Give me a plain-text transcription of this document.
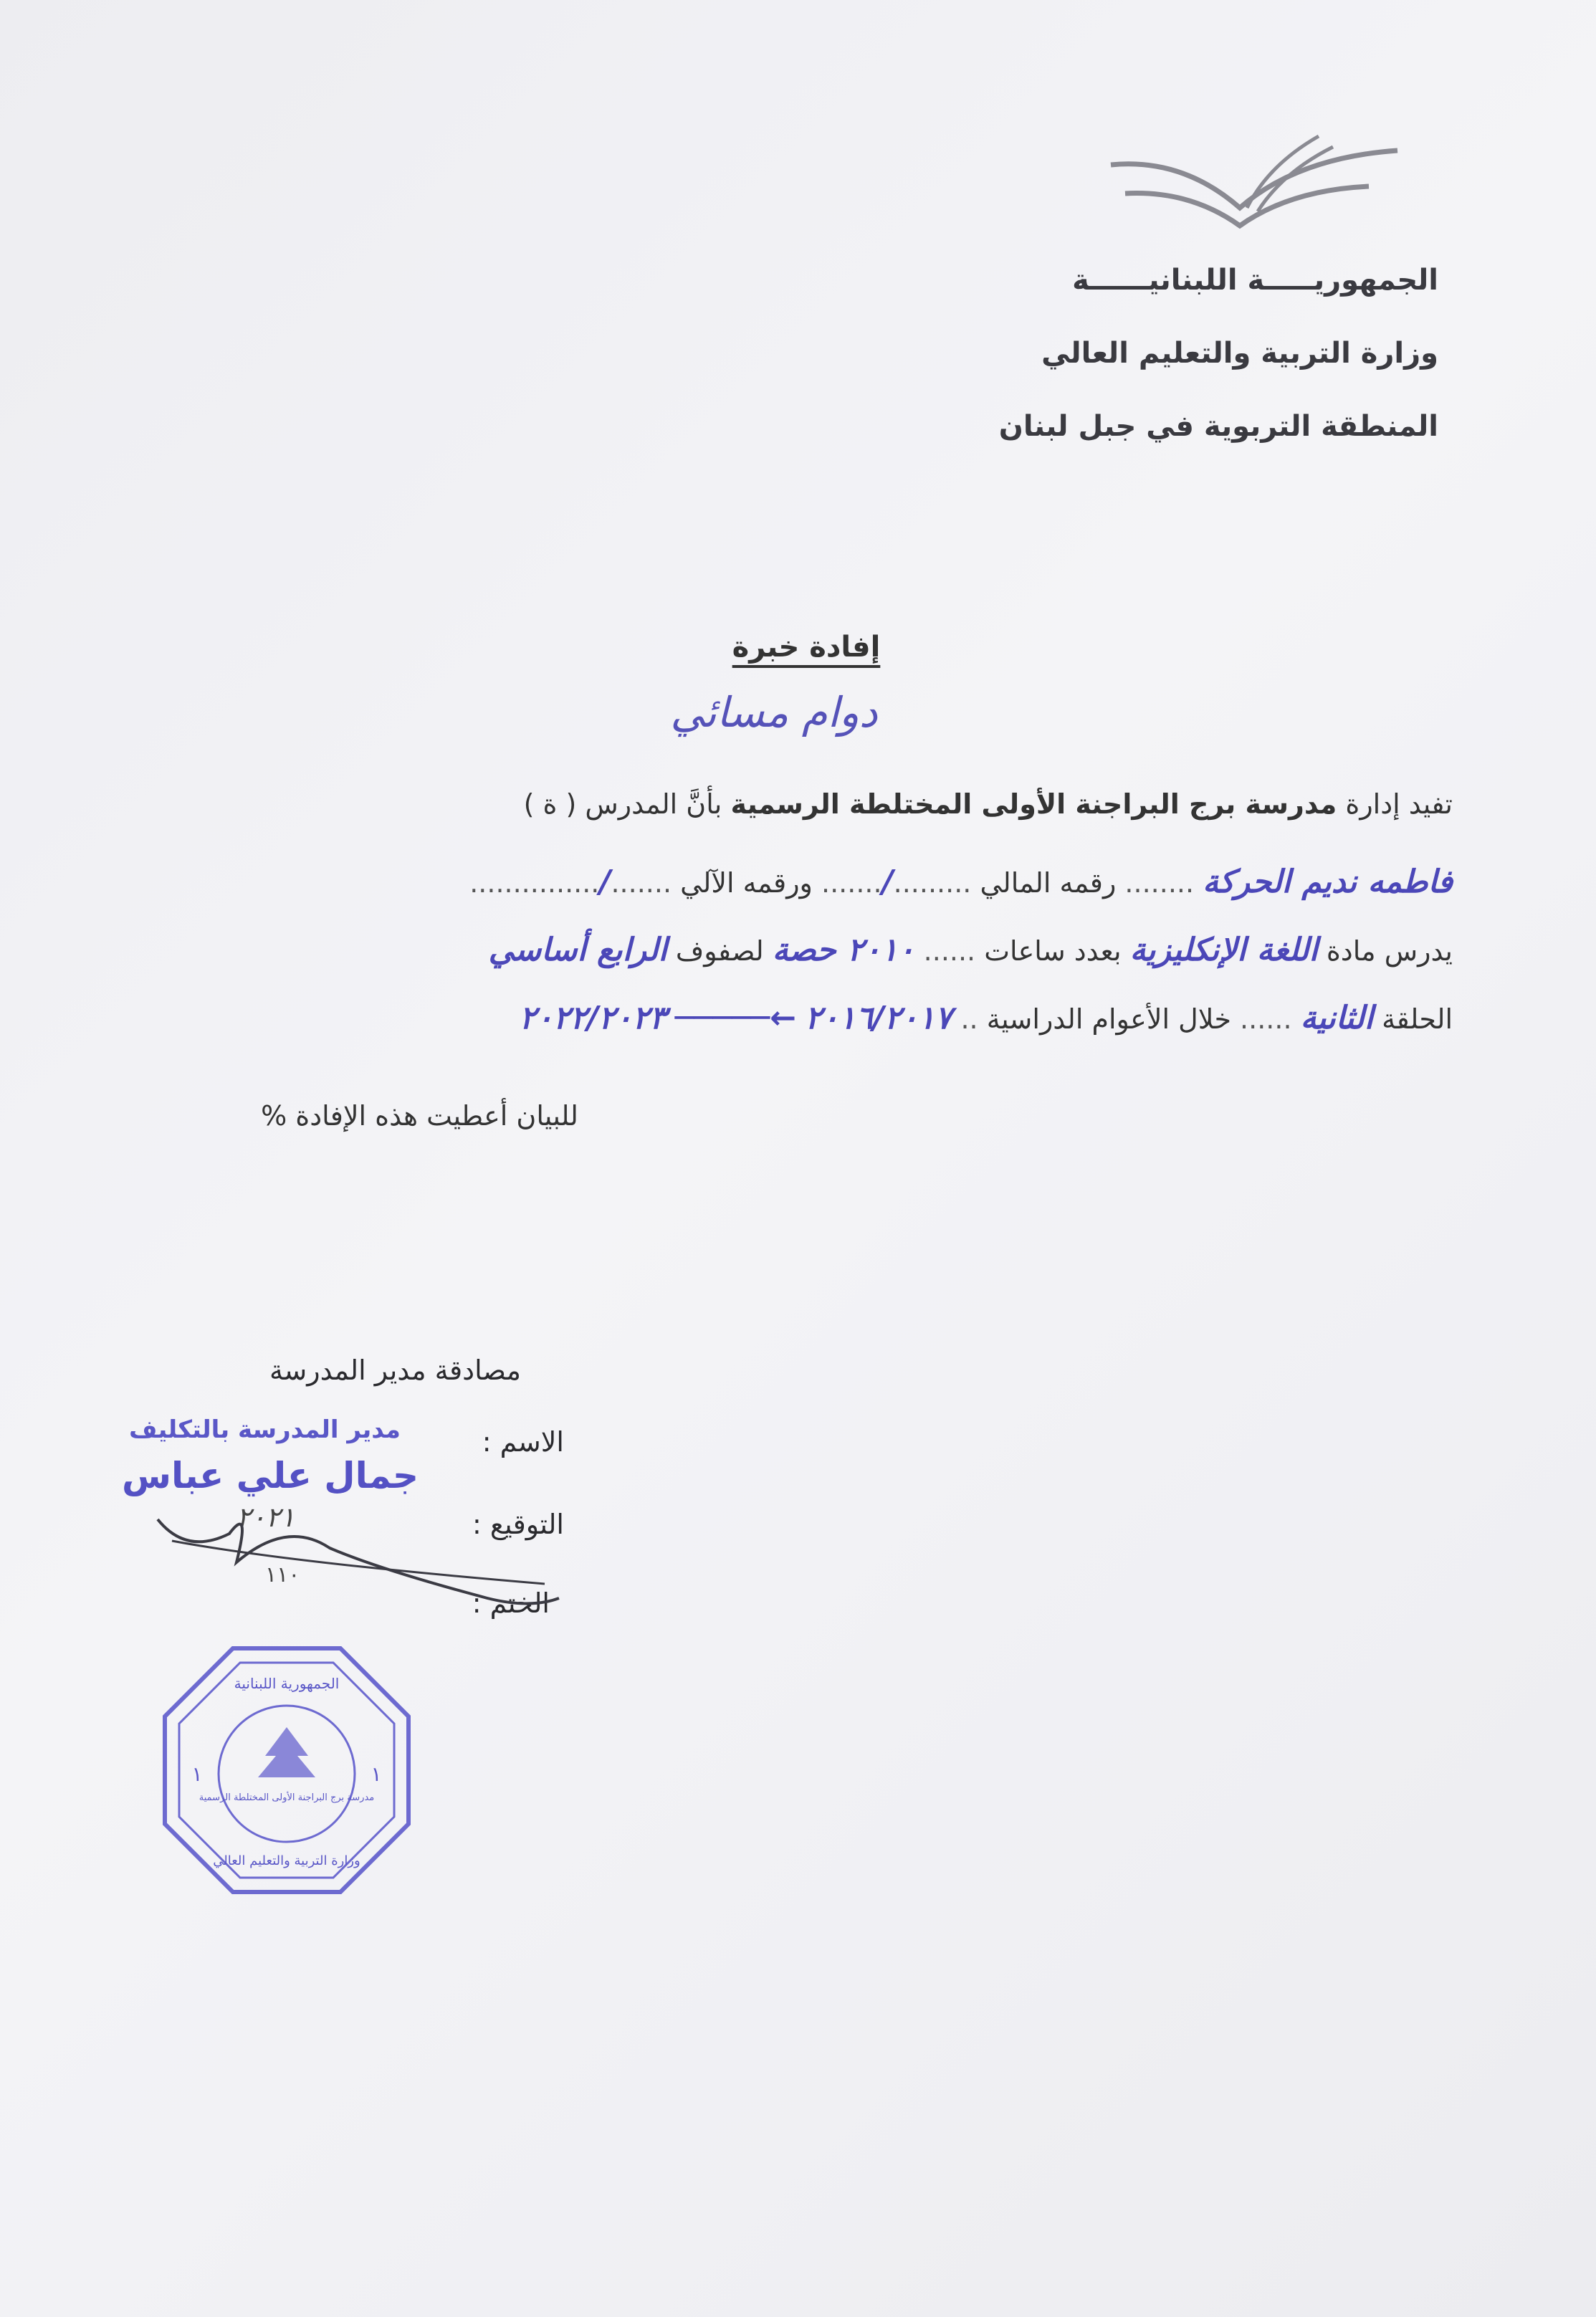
الجمهوريـــــة اللبنانيــــــة
وزارة التربية والتعليم العالي
المنطقة التربوية في جبل لبنان
إفادة خبرة
دوام مسائي
تفيد إدارة مدرسة برج البراجنة الأولى المختلطة الرسمية بأنَّ المدرس ( ة )
فاطمه نديم الحركة ........ رقمه المالي ........./....... ورقمه الآلي ......./...............
يدرس مادة اللغة الإنكليزية بعدد ساعات ...... ٢٠١٠ حصة لصفوف الرابع أساسي
الحلقة الثانية ...... خلال الأعوام الدراسية .. ٢٠١٦/٢٠١٧ ←───── ٢٠٢٢/٢٠٢٣
للبيان أعطيت هذه الإفادة %
مصادقة مدير المدرسة
الاسم :
مدير المدرسة بالتكليف
جمال علي عباس
التوقيع :
٢٠٢١
الختم :
١١٠
مدرسة برج البراجنة الأولى المختلطة الرسمية
الجمهورية اللبنانية
وزارة التربية والتعليم العالي
١	١
